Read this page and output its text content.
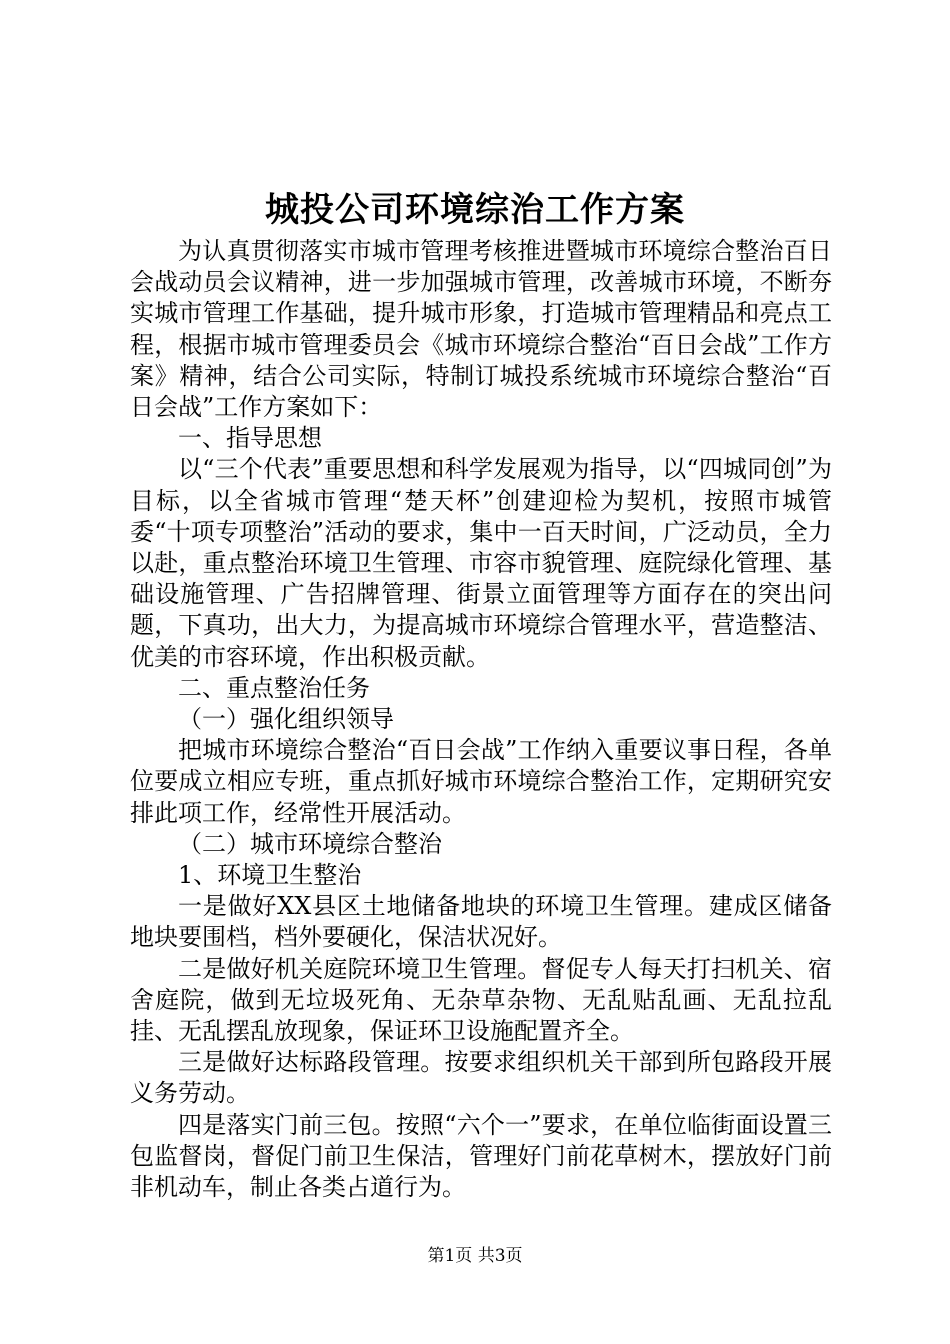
城投公司环境综治工作方案

为认真贯彻落实市城市管理考核推进暨城市环境综合整治百日会战动员会议精神，进一步加强城市管理，改善城市环境，不断夯实城市管理工作基础，提升城市形象，打造城市管理精品和亮点工程，根据市城市管理委员会《城市环境综合整治“百日会战”工作方案》精神，结合公司实际，特制订城投系统城市环境综合整治“百日会战”工作方案如下：

一、指导思想

以“三个代表”重要思想和科学发展观为指导，以“四城同创”为目标，以全省城市管理“楚天杯”创建迎检为契机，按照市城管委“十项专项整治”活动的要求，集中一百天时间，广泛动员，全力以赴，重点整治环境卫生管理、市容市貌管理、庭院绿化管理、基础设施管理、广告招牌管理、街景立面管理等方面存在的突出问题，下真功，出大力，为提高城市环境综合管理水平，营造整洁、优美的市容环境，作出积极贡献。

二、重点整治任务

（一）强化组织领导

把城市环境综合整治“百日会战”工作纳入重要议事日程，各单位要成立相应专班，重点抓好城市环境综合整治工作，定期研究安排此项工作，经常性开展活动。

（二）城市环境综合整治

1、环境卫生整治

一是做好XX县区土地储备地块的环境卫生管理。建成区储备地块要围档，档外要硬化，保洁状况好。

二是做好机关庭院环境卫生管理。督促专人每天打扫机关、宿舍庭院，做到无垃圾死角、无杂草杂物、无乱贴乱画、无乱拉乱挂、无乱摆乱放现象，保证环卫设施配置齐全。

三是做好达标路段管理。按要求组织机关干部到所包路段开展义务劳动。

四是落实门前三包。按照“六个一”要求，在单位临街面设置三包监督岗，督促门前卫生保洁，管理好门前花草树木，摆放好门前非机动车，制止各类占道行为。

第1页 共3页
